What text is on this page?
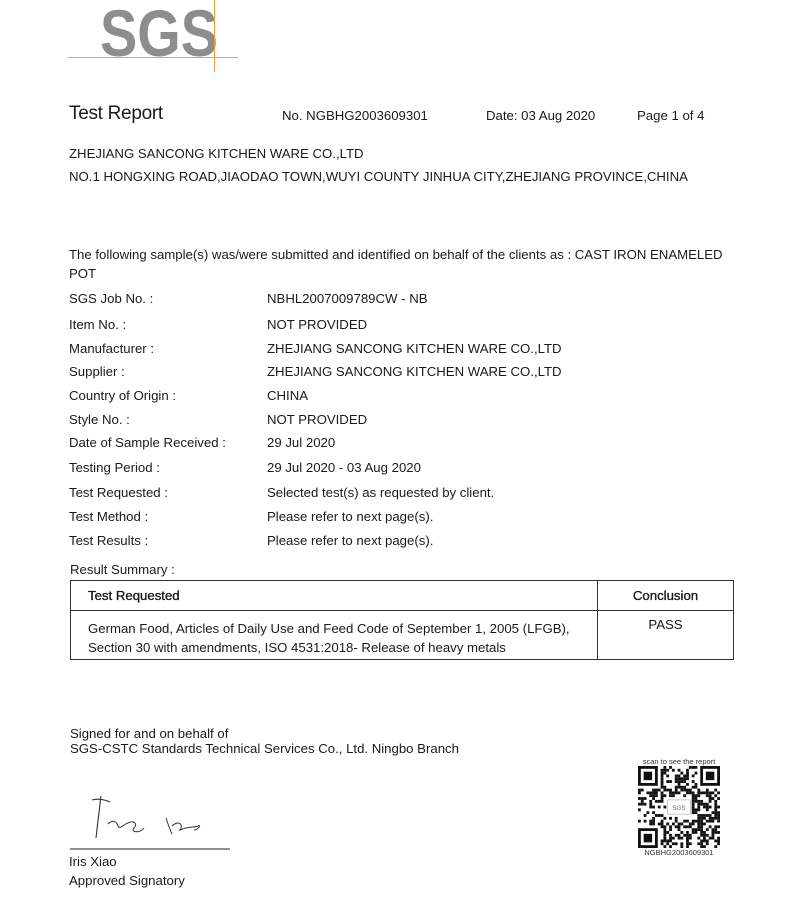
SGS
Test Report	No. NGBHG2003609301	Date: 03 Aug 2020	Page 1 of 4
ZHEJIANG SANCONG KITCHEN WARE CO.,LTD
NO.1 HONGXING ROAD,JIAODAO TOWN,WUYI COUNTY JINHUA CITY,ZHEJIANG PROVINCE,CHINA
The following sample(s) was/were submitted and identified on behalf of the clients as : CAST IRON ENAMELED POT
SGS Job No. :	NBHL2007009789CW - NB
Item No. :	NOT PROVIDED
Manufacturer :	ZHEJIANG SANCONG KITCHEN WARE CO.,LTD
Supplier :	ZHEJIANG SANCONG KITCHEN WARE CO.,LTD
Country of Origin :	CHINA
Style No. :	NOT PROVIDED
Date of Sample Received :	29 Jul 2020
Testing Period :	29 Jul 2020 - 03 Aug 2020
Test Requested :	Selected test(s) as requested by client.
Test Method :	Please refer to next page(s).
Test Results :	Please refer to next page(s).
Result Summary :
Test Requested	Conclusion

German Food, Articles of Daily Use and Feed Code of September 1, 2005 (LFGB),
Section 30 with amendments, ISO 4531:2018- Release of heavy metals	PASS
Signed for and on behalf of
SGS-CSTC Standards Technical Services Co., Ltd. Ningbo Branch
Iris Xiao
Approved Signatory
scan to see the report
SGS
NGBHG2003609301
